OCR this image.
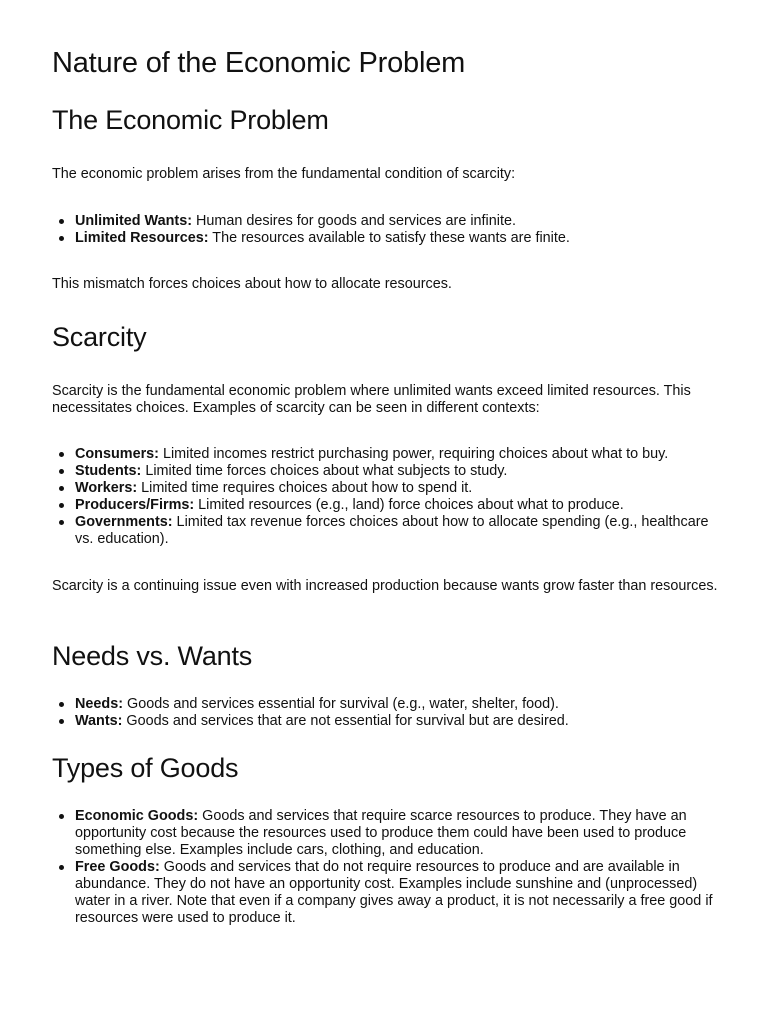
Nature of the Economic Problem
The Economic Problem

The economic problem arises from the fundamental condition of scarcity:

Unlimited Wants: Human desires for goods and services are infinite.
Limited Resources: The resources available to satisfy these wants are finite.

This mismatch forces choices about how to allocate resources.

Scarcity

Scarcity is the fundamental economic problem where unlimited wants exceed limited resources. This necessitates choices. Examples of scarcity can be seen in different contexts:

Consumers: Limited incomes restrict purchasing power, requiring choices about what to buy.
Students: Limited time forces choices about what subjects to study.
Workers: Limited time requires choices about how to spend it.
Producers/Firms: Limited resources (e.g., land) force choices about what to produce.
Governments: Limited tax revenue forces choices about how to allocate spending (e.g., healthcare vs. education).

Scarcity is a continuing issue even with increased production because wants grow faster than resources.

Needs vs. Wants
Needs: Goods and services essential for survival (e.g., water, shelter, food).
Wants: Goods and services that are not essential for survival but are desired.
Types of Goods
Economic Goods: Goods and services that require scarce resources to produce. They have an opportunity cost because the resources used to produce them could have been used to produce something else. Examples include cars, clothing, and education.
Free Goods: Goods and services that do not require resources to produce and are available in abundance. They do not have an opportunity cost. Examples include sunshine and (unprocessed) water in a river. Note that even if a company gives away a product, it is not necessarily a free good if resources were used to produce it.
